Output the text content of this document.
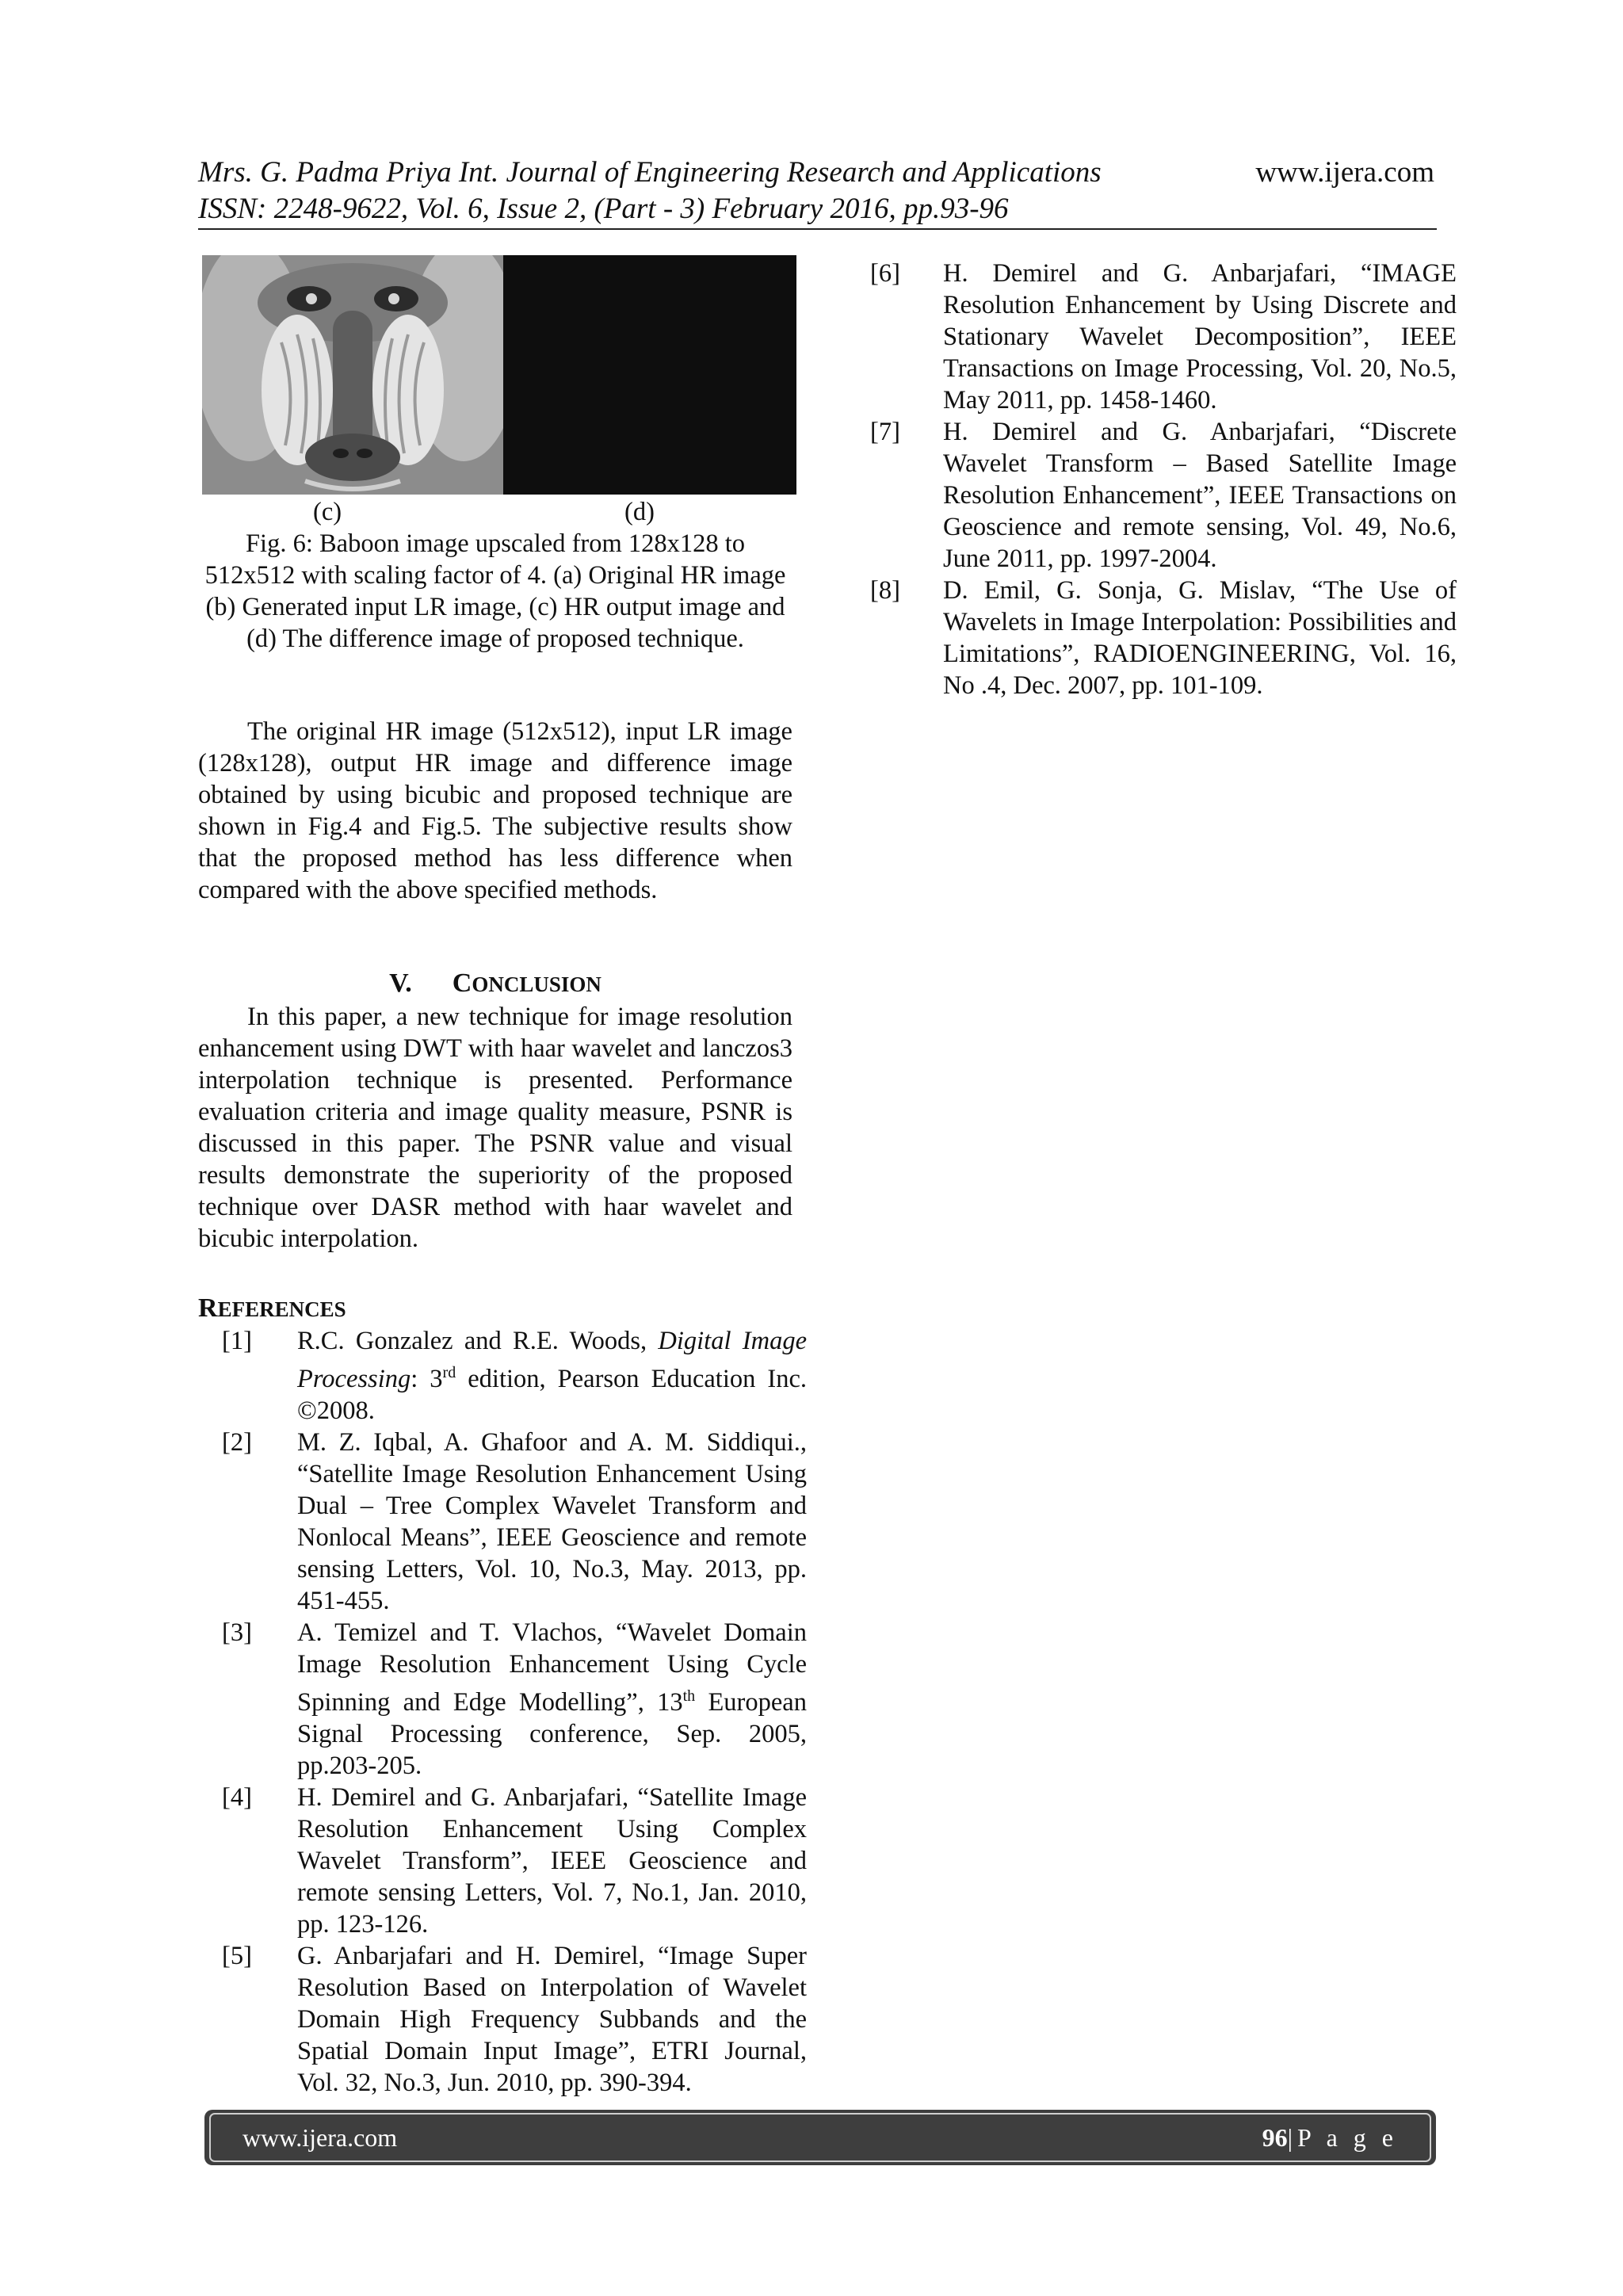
Mrs. G. Padma Priya Int. Journal of Engineering Research and Applications	www.ijera.com
ISSN: 2248-9622, Vol. 6, Issue 2, (Part - 3) February 2016, pp.93-96
(c)	(d)
Fig. 6: Baboon image upscaled from 128x128 to 512x512 with scaling factor of 4. (a) Original HR image (b) Generated input LR image, (c) HR output image and (d) The difference image of proposed technique.
The original HR image (512x512), input LR image (128x128), output HR image and difference image obtained by using bicubic and proposed technique are shown in Fig.4 and Fig.5. The subjective results show that the proposed method has less difference when compared with the above specified methods.
V. CONCLUSION
In this paper, a new technique for image resolution enhancement using DWT with haar wavelet and lanczos3 interpolation technique is presented. Performance evaluation criteria and image quality measure, PSNR is discussed in this paper. The PSNR value and visual results demonstrate the superiority of the proposed technique over DASR method with haar wavelet and bicubic interpolation.
REFERENCES
[1]	R.C. Gonzalez and R.E. Woods, Digital Image Processing: 3rd edition, Pearson Education Inc. ©2008.
[2]	M. Z. Iqbal, A. Ghafoor and A. M. Siddiqui., “Satellite Image Resolution Enhancement Using Dual – Tree Complex Wavelet Transform and Nonlocal Means”, IEEE Geoscience and remote sensing Letters, Vol. 10, No.3, May. 2013, pp. 451-455.
[3]	A. Temizel and T. Vlachos, “Wavelet Domain Image Resolution Enhancement Using Cycle Spinning and Edge Modelling”, 13th European Signal Processing conference, Sep. 2005, pp.203-205.
[4]	H. Demirel and G. Anbarjafari, “Satellite Image Resolution Enhancement Using Complex Wavelet Transform”, IEEE Geoscience and remote sensing Letters, Vol. 7, No.1, Jan. 2010, pp. 123-126.
[5]	G. Anbarjafari and H. Demirel, “Image Super Resolution Based on Interpolation of Wavelet Domain High Frequency Subbands and the Spatial Domain Input Image”, ETRI Journal, Vol. 32, No.3, Jun. 2010, pp. 390-394.
[6]	H. Demirel and G. Anbarjafari, “IMAGE Resolution Enhancement by Using Discrete and Stationary Wavelet Decomposition”, IEEE Transactions on Image Processing, Vol. 20, No.5, May 2011, pp. 1458-1460.
[7]	H. Demirel and G. Anbarjafari, “Discrete Wavelet Transform – Based Satellite Image Resolution Enhancement”, IEEE Transactions on Geoscience and remote sensing, Vol. 49, No.6, June 2011, pp. 1997-2004.
[8]	D. Emil, G. Sonja, G. Mislav, “The Use of Wavelets in Image Interpolation: Possibilities and Limitations”, RADIOENGINEERING, Vol. 16, No .4, Dec. 2007, pp. 101-109.
www.ijera.com	96|P a g e
